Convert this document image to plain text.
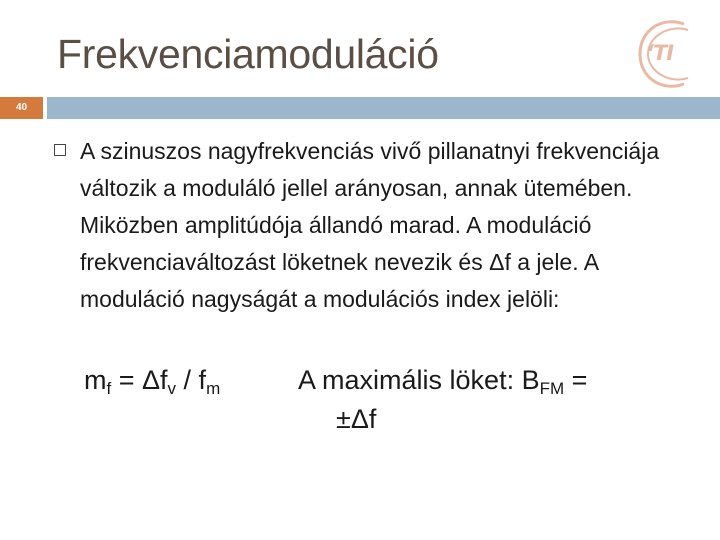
Frekvenciamoduláció	ʻTI
40
A szinuszos nagyfrekvenciás vivő pillanatnyi frekvenciája változik a moduláló jellel arányosan, annak ütemében. Miközben amplitúdója állandó marad. A moduláció frekvenciaváltozást löketnek nevezik és Δf a jele. A moduláció nagyságát a modulációs index jelöli:
$m_f = \Delta f_v / f_m$	A maximális löket: $B_{FM}$ =
±Δf
